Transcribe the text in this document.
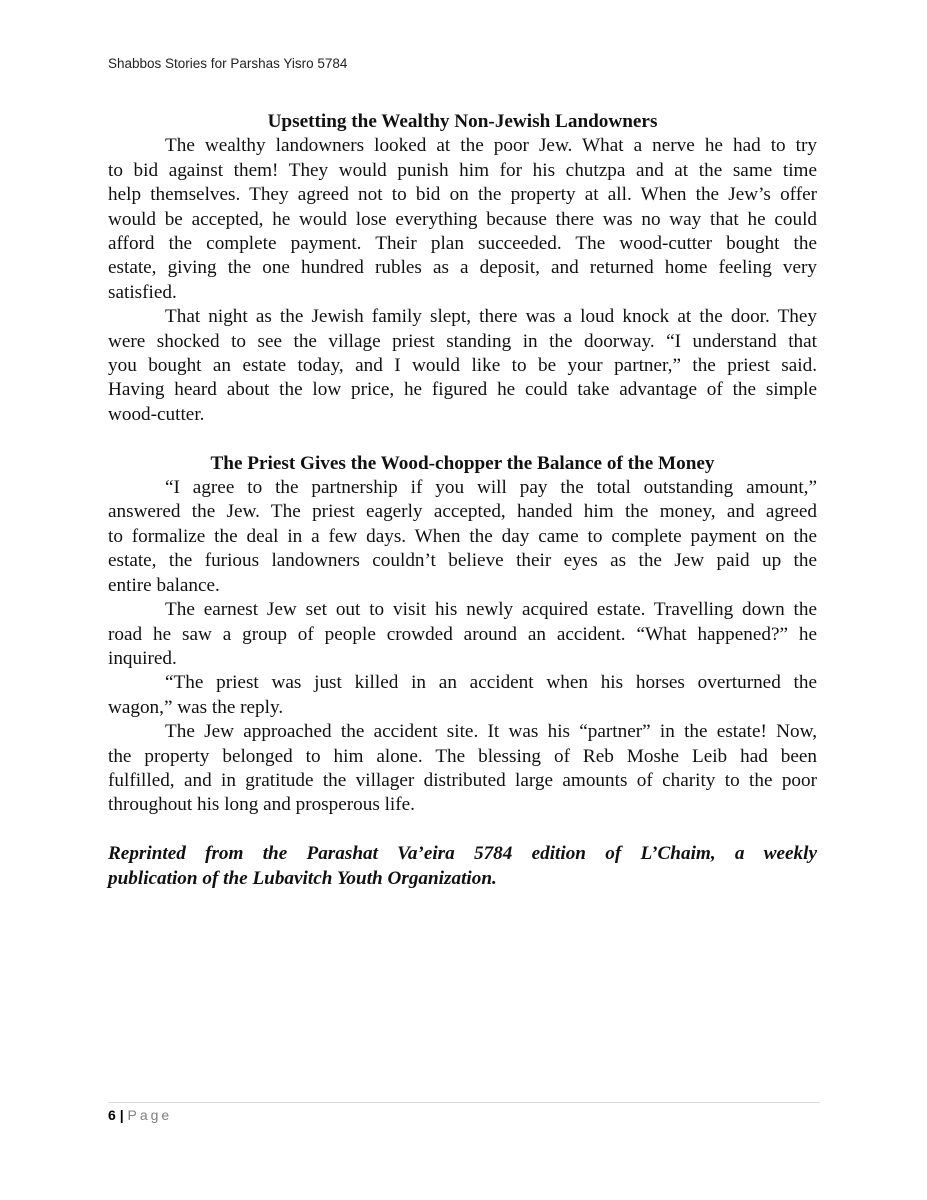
Shabbos Stories for Parshas Yisro 5784
Upsetting the Wealthy Non-Jewish Landowners
The wealthy landowners looked at the poor Jew. What a nerve he had to try
to bid against them! They would punish him for his chutzpa and at the same time
help themselves. They agreed not to bid on the property at all. When the Jew’s offer
would be accepted, he would lose everything because there was no way that he could
afford the complete payment. Their plan succeeded. The wood-cutter bought the
estate, giving the one hundred rubles as a deposit, and returned home feeling very
satisfied.
That night as the Jewish family slept, there was a loud knock at the door. They
were shocked to see the village priest standing in the doorway. “I understand that
you bought an estate today, and I would like to be your partner,” the priest said.
Having heard about the low price, he figured he could take advantage of the simple
wood-cutter.
The Priest Gives the Wood-chopper the Balance of the Money
“I agree to the partnership if you will pay the total outstanding amount,”
answered the Jew. The priest eagerly accepted, handed him the money, and agreed
to formalize the deal in a few days. When the day came to complete payment on the
estate, the furious landowners couldn’t believe their eyes as the Jew paid up the
entire balance.
The earnest Jew set out to visit his newly acquired estate. Travelling down the
road he saw a group of people crowded around an accident. “What happened?” he
inquired.
“The priest was just killed in an accident when his horses overturned the
wagon,” was the reply.
The Jew approached the accident site. It was his “partner” in the estate! Now,
the property belonged to him alone. The blessing of Reb Moshe Leib had been
fulfilled, and in gratitude the villager distributed large amounts of charity to the poor
throughout his long and prosperous life.
Reprinted from the Parashat Va’eira 5784 edition of L’Chaim, a weekly
publication of the Lubavitch Youth Organization.
6 | Page
